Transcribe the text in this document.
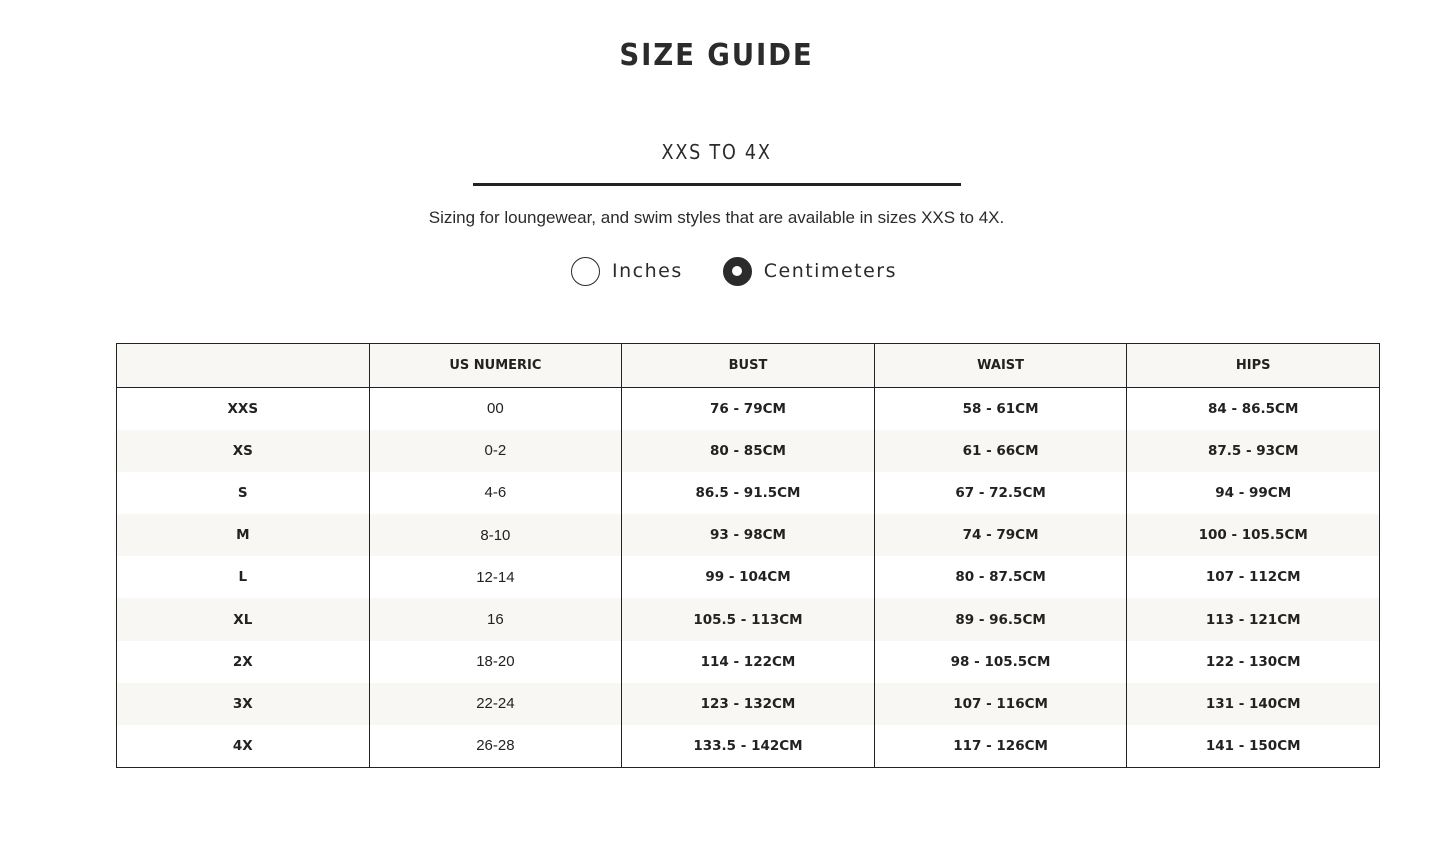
SIZE GUIDE
XXS TO 4X

Sizing for loungewear, and swim styles that are available in sizes XXS to 4X.

Inches	Centimeters
	US NUMERIC	BUST	WAIST	HIPS
XXS	00	76 - 79CM	58 - 61CM	84 - 86.5CM
XS	0-2	80 - 85CM	61 - 66CM	87.5 - 93CM
S	4-6	86.5 - 91.5CM	67 - 72.5CM	94 - 99CM
M	8-10	93 - 98CM	74 - 79CM	100 - 105.5CM
L	12-14	99 - 104CM	80 - 87.5CM	107 - 112CM
XL	16	105.5 - 113CM	89 - 96.5CM	113 - 121CM
2X	18-20	114 - 122CM	98 - 105.5CM	122 - 130CM
3X	22-24	123 - 132CM	107 - 116CM	131 - 140CM
4X	26-28	133.5 - 142CM	117 - 126CM	141 - 150CM
